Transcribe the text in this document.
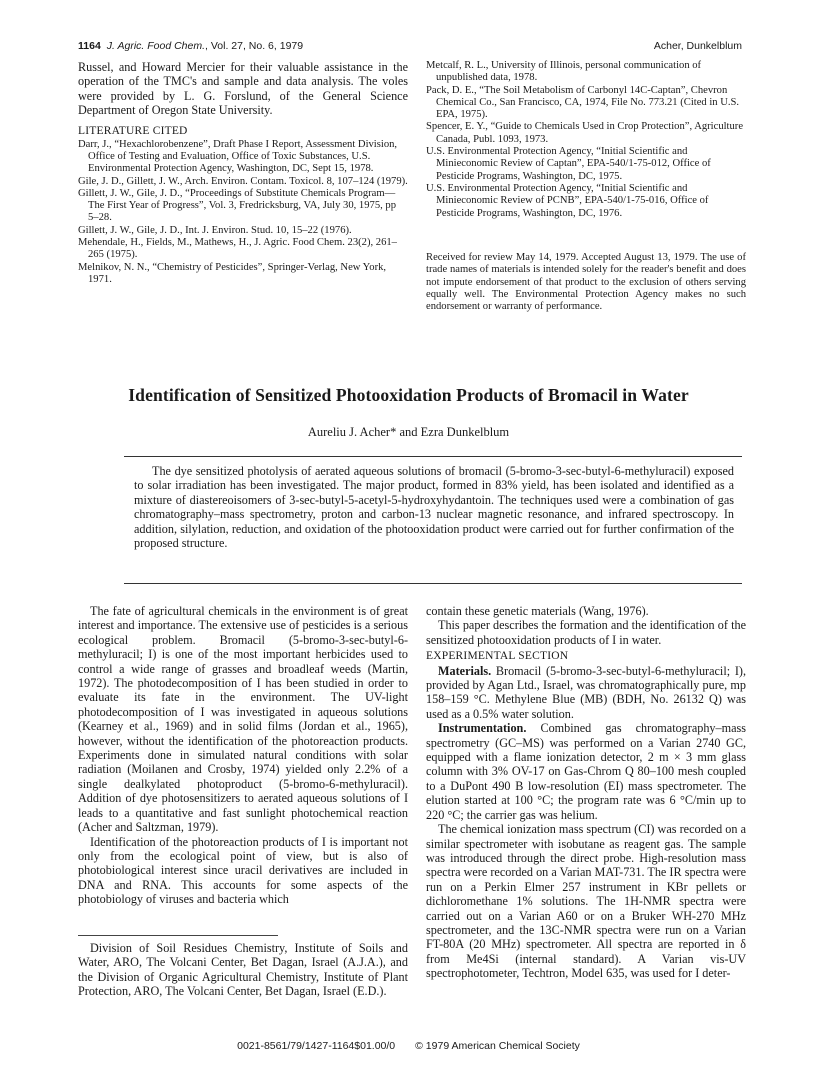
1164 J. Agric. Food Chem., Vol. 27, No. 6, 1979	Acher, Dunkelblum

Russel, and Howard Mercier for their valuable assistance in the operation of the TMC's and sample and data analysis. The voles were provided by L. G. Forslund, of the General Science Department of Oregon State University.

LITERATURE CITED

Darr, J., “Hexachlorobenzene”, Draft Phase I Report, Assessment Division, Office of Testing and Evaluation, Office of Toxic Substances, U.S. Environmental Protection Agency, Washington, DC, Sept 15, 1978.

Gile, J. D., Gillett, J. W., Arch. Environ. Contam. Toxicol. 8, 107–124 (1979).

Gillett, J. W., Gile, J. D., “Proceedings of Substitute Chemicals Program—The First Year of Progress”, Vol. 3, Fredricksburg, VA, July 30, 1975, pp 5–28.

Gillett, J. W., Gile, J. D., Int. J. Environ. Stud. 10, 15–22 (1976).

Mehendale, H., Fields, M., Mathews, H., J. Agric. Food Chem. 23(2), 261–265 (1975).

Melnikov, N. N., “Chemistry of Pesticides”, Springer-Verlag, New York, 1971.

Metcalf, R. L., University of Illinois, personal communication of unpublished data, 1978.

Pack, D. E., “The Soil Metabolism of Carbonyl 14C-Captan”, Chevron Chemical Co., San Francisco, CA, 1974, File No. 773.21 (Cited in U.S. EPA, 1975).

Spencer, E. Y., “Guide to Chemicals Used in Crop Protection”, Agriculture Canada, Publ. 1093, 1973.

U.S. Environmental Protection Agency, “Initial Scientific and Minieconomic Review of Captan”, EPA-540/1-75-012, Office of Pesticide Programs, Washington, DC, 1975.

U.S. Environmental Protection Agency, “Initial Scientific and Minieconomic Review of PCNB”, EPA-540/1-75-016, Office of Pesticide Programs, Washington, DC, 1976.

Received for review May 14, 1979. Accepted August 13, 1979. The use of trade names of materials is intended solely for the reader's benefit and does not impute endorsement of that product to the exclusion of others serving equally well. The Environmental Protection Agency makes no such endorsement or warranty of performance.
Identification of Sensitized Photooxidation Products of Bromacil in Water
Aureliu J. Acher* and Ezra Dunkelblum
The dye sensitized photolysis of aerated aqueous solutions of bromacil (5-bromo-3-sec-butyl-6-methyluracil) exposed to solar irradiation has been investigated. The major product, formed in 83% yield, has been isolated and identified as a mixture of diastereoisomers of 3-sec-butyl-5-acetyl-5-hydroxyhydantoin. The techniques used were a combination of gas chromatography–mass spectrometry, proton and carbon-13 nuclear magnetic resonance, and infrared spectroscopy. In addition, silylation, reduction, and oxidation of the photooxidation product were carried out for further confirmation of the proposed structure.

The fate of agricultural chemicals in the environment is of great interest and importance. The extensive use of pesticides is a serious ecological problem. Bromacil (5-bromo-3-sec-butyl-6-methyluracil; I) is one of the most important herbicides used to control a wide range of grasses and broadleaf weeds (Martin, 1972). The photodecomposition of I has been studied in order to evaluate its fate in the environment. The UV-light photodecomposition of I was investigated in aqueous solutions (Kearney et al., 1969) and in solid films (Jordan et al., 1965), however, without the identification of the photoreaction products. Experiments done in simulated natural conditions with solar radiation (Moilanen and Crosby, 1974) yielded only 2.2% of a single dealkylated photoproduct (5-bromo-6-methyluracil). Addition of dye photosensitizers to aerated aqueous solutions of I leads to a quantitative and fast sunlight photochemical reaction (Acher and Saltzman, 1979).

Identification of the photoreaction products of I is important not only from the ecological point of view, but is also of photobiological interest since uracil derivatives are included in DNA and RNA. This accounts for some aspects of the photobiology of viruses and bacteria which

Division of Soil Residues Chemistry, Institute of Soils and Water, ARO, The Volcani Center, Bet Dagan, Israel (A.J.A.), and the Division of Organic Agricultural Chemistry, Institute of Plant Protection, ARO, The Volcani Center, Bet Dagan, Israel (E.D.).

contain these genetic materials (Wang, 1976).

This paper describes the formation and the identification of the sensitized photooxidation products of I in water.

EXPERIMENTAL SECTION

Materials. Bromacil (5-bromo-3-sec-butyl-6-methyluracil; I), provided by Agan Ltd., Israel, was chromatographically pure, mp 158–159 °C. Methylene Blue (MB) (BDH, No. 26132 Q) was used as a 0.5% water solution.

Instrumentation. Combined gas chromatography–mass spectrometry (GC–MS) was performed on a Varian 2740 GC, equipped with a flame ionization detector, 2 m × 3 mm glass column with 3% OV-17 on Gas-Chrom Q 80–100 mesh coupled to a DuPont 490 B low-resolution (EI) mass spectrometer. The elution started at 100 °C; the program rate was 6 °C/min up to 220 °C; the carrier gas was helium.

The chemical ionization mass spectrum (CI) was recorded on a similar spectrometer with isobutane as reagent gas. The sample was introduced through the direct probe. High-resolution mass spectra were recorded on a Varian MAT-731. The IR spectra were run on a Perkin Elmer 257 instrument in KBr pellets or dichloromethane 1% solutions. The 1H-NMR spectra were carried out on a Varian A60 or on a Bruker WH-270 MHz spectrometer, and the 13C-NMR spectra were run on a Varian FT-80A (20 MHz) spectrometer. All spectra are reported in δ from Me4Si (internal standard). A Varian vis-UV spectrophotometer, Techtron, Model 635, was used for I deter-

0021-8561/79/1427-1164$01.00/0 © 1979 American Chemical Society
